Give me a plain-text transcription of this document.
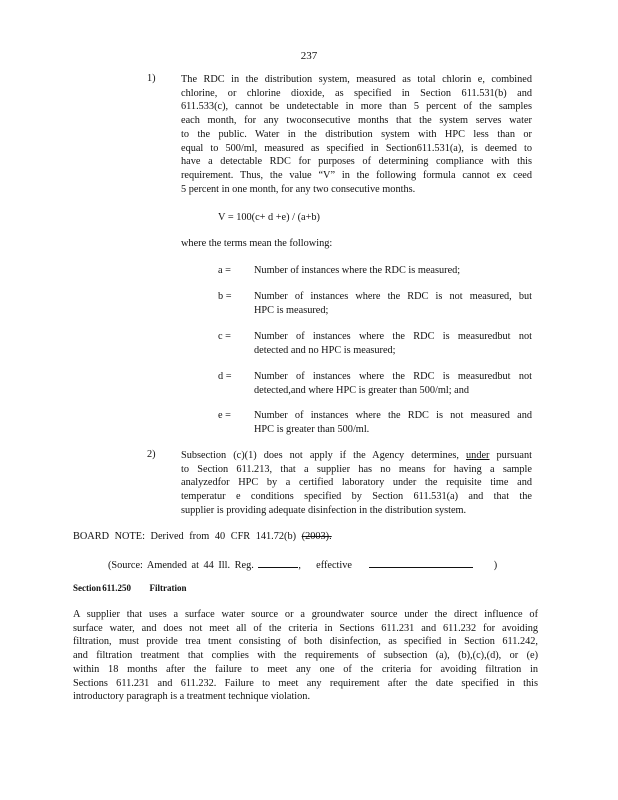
237
1) The RDC in the distribution system, measured as total chlorin e, combined
chlorine, or chlorine dioxide, as specified in Section 611.531(b) and
611.533(c), cannot be undetectable in more than 5 percent of the samples
each month, for any twoconsecutive months that the system serves water
to the public. Water in the distribution system with HPC less than or
equal to 500/ml, measured as specified in Section611.531(a), is deemed to
have a detectable RDC for purposes of determining compliance with this
requirement. Thus, the value “V” in the following formula cannot ex ceed
5 percent in one month, for any two consecutive months.
V = 100(c+ d +e) / (a+b)
where the terms mean the following:
a =	Number of instances where the RDC is measured;
b =	Number of instances where the RDC is not measured, but
HPC is measured;
c =	Number of instances where the RDC is measuredbut not
detected and no HPC is measured;
d =	Number of instances where the RDC is measuredbut not
detected,and where HPC is greater than 500/ml; and
e =	Number of instances where the RDC is not measured and
HPC is greater than 500/ml.
2) Subsection (c)(1) does not apply if the Agency determines, under pursuant
to Section 611.213, that a supplier has no means for having a sample
analyzedfor HPC by a certified laboratory under the requisite time and
temperatur e conditions specified by Section 611.531(a) and that the
supplier is providing adequate disinfection in the distribution system.
BOARD NOTE: Derived from 40 CFR 141.72(b) (2003).
(Source: Amended at 44 Ill. Reg.	, effective	)
Section 611.250 Filtration
A supplier that uses a surface water source or a groundwater source under the direct influence of
surface water, and does not meet all of the criteria in Sections 611.231 and 611.232 for avoiding
filtration, must provide trea tment consisting of both disinfection, as specified in Section 611.242,
and filtration treatment that complies with the requirements of subsection (a), (b),(c),(d), or (e)
within 18 months after the failure to meet any one of the criteria for avoiding filtration in
Sections 611.231 and 611.232. Failure to meet any requirement after the date specified in this
introductory paragraph is a treatment technique violation.
